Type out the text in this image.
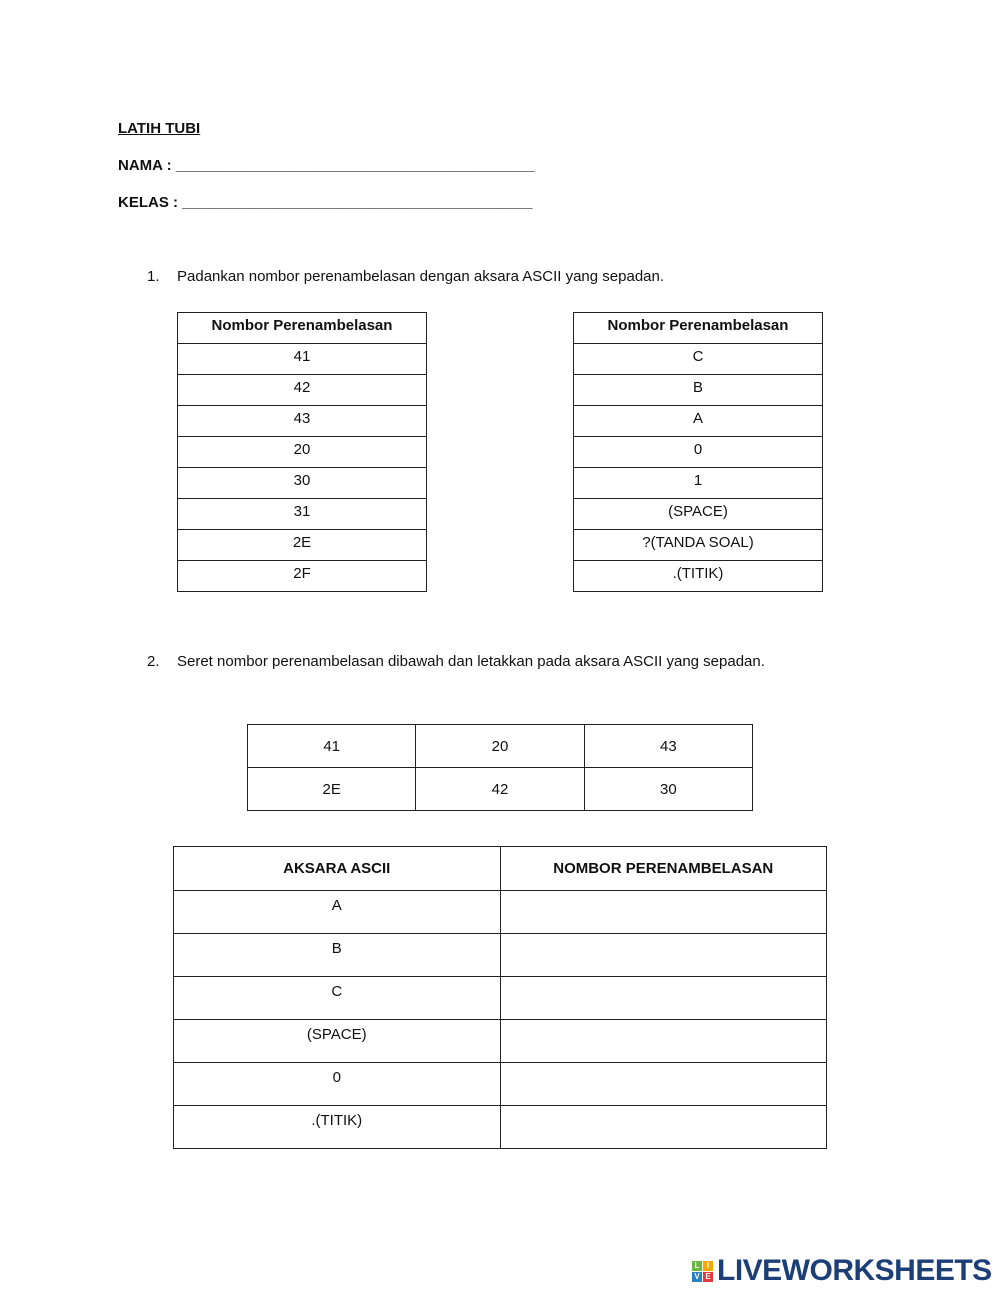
LATIH TUBI
NAMA : ___________________________________________
KELAS : __________________________________________
1. Padankan nombor perenambelasan dengan aksara ASCII yang sepadan.
Nombor Perenambelasan
41
42
43
20
30
31
2E
2F
Nombor Perenambelasan
C
B
A
0
1
(SPACE)
?(TANDA SOAL)
.(TITIK)
2. Seret nombor perenambelasan dibawah dan letakkan pada aksara ASCII yang sepadan.
41	20	43
2E	42	30
AKSARA ASCII	NOMBOR PERENAMBELASAN
A	
B	
C	
(SPACE)	
0	
.(TITIK)	
L I
V E LIVEWORKSHEETS
